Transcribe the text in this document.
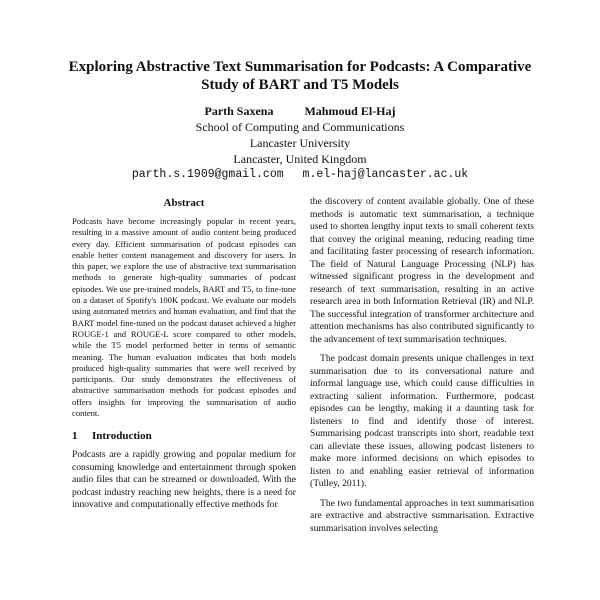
Exploring Abstractive Text Summarisation for Podcasts: A Comparative Study of BART and T5 Models
Parth Saxena	Mahmoud El-Haj
School of Computing and Communications
Lancaster University
Lancaster, United Kingdom
parth.s.1909@gmail.com m.el-haj@lancaster.ac.uk
Abstract

Podcasts have become increasingly popular in recent years, resulting in a massive amount of audio content being produced every day. Efficient summarisation of podcast episodes can enable better content management and discovery for users. In this paper, we explore the use of abstractive text summarisation methods to generate high-quality summaries of podcast episodes. We use pre-trained models, BART and T5, to fine-tune on a dataset of Spotify's 100K podcast. We evaluate our models using automated metrics and human evaluation, and find that the BART model fine-tuned on the podcast dataset achieved a higher ROUGE-1 and ROUGE-L score compared to other models, while the T5 model performed better in terms of semantic meaning. The human evaluation indicates that both models produced high-quality summaries that were well received by participants. Our study demonstrates the effectiveness of abstractive summarisation methods for podcast episodes and offers insights for improving the summarisation of audio content.

1 Introduction

Podcasts are a rapidly growing and popular medium for consuming knowledge and entertainment through spoken audio files that can be streamed or downloaded. With the podcast industry reaching new heights, there is a need for innovative and computationally effective methods for

the discovery of content available globally. One of these methods is automatic text summarisation, a technique used to shorten lengthy input texts to small coherent texts that convey the original meaning, reducing reading time and facilitating faster processing of research information. The field of Natural Language Processing (NLP) has witnessed significant progress in the development and research of text summarisation, resulting in an active research area in both Information Retrieval (IR) and NLP. The successful integration of transformer architecture and attention mechanisms has also contributed significantly to the advancement of text summarisation techniques.

The podcast domain presents unique challenges in text summarisation due to its conversational nature and informal language use, which could cause difficulties in extracting salient information. Furthermore, podcast episodes can be lengthy, making it a daunting task for listeners to find and identify those of interest. Summarising podcast transcripts into short, readable text can alleviate these issues, allowing podcast listeners to make more informed decisions on which episodes to listen to and enabling easier retrieval of information (Tulley, 2011).

The two fundamental approaches in text summarisation are extractive and abstractive summarisation. Extractive summarisation involves selecting
